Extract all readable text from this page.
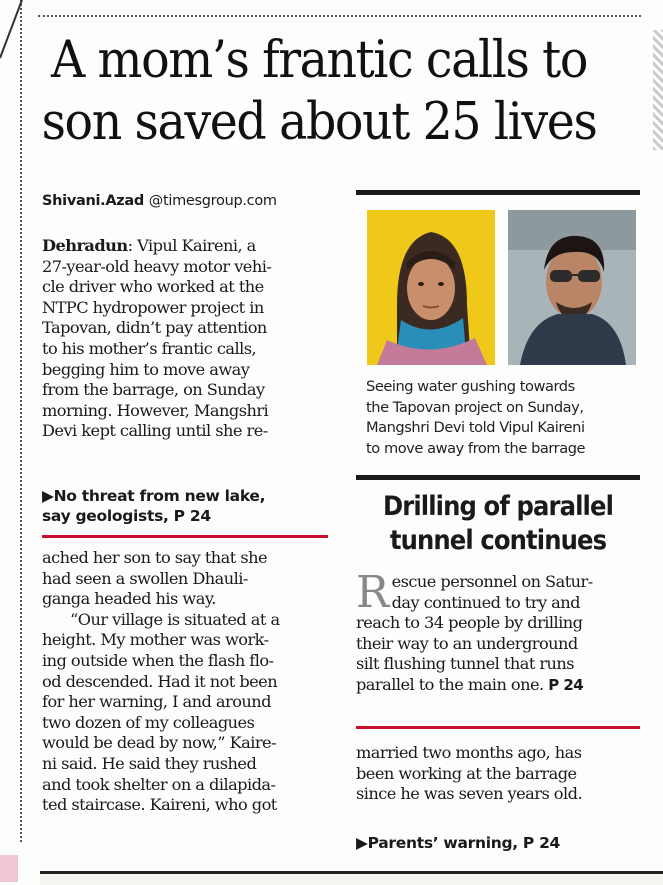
A mom’s frantic calls to
son saved about 25 lives
Shivani.Azad @timesgroup.com
Dehradun: Vipul Kaireni, a
27-year-old heavy motor vehi-
cle driver who worked at the
NTPC hydropower project in
Tapovan, didn’t pay attention
to his mother’s frantic calls,
begging him to move away
from the barrage, on Sunday
morning. However, Mangshri
Devi kept calling until she re-
▶No threat from new lake,
say geologists, P 24
ached her son to say that she
had seen a swollen Dhauli-
ganga headed his way.
“Our village is situated at a
height. My mother was work-
ing outside when the flash flo-
od descended. Had it not been
for her warning, I and around
two dozen of my colleagues
would be dead by now,” Kaire-
ni said. He said they rushed
and took shelter on a dilapida-
ted staircase. Kaireni, who got
Seeing water gushing towards
the Tapovan project on Sunday,
Mangshri Devi told Vipul Kaireni
to move away from the barrage
Drilling of parallel
tunnel continues
R escue personnel on Satur-
day continued to try and
reach to 34 people by drilling
their way to an underground
silt flushing tunnel that runs
parallel to the main one. P 24
married two months ago, has
been working at the barrage
since he was seven years old.
▶Parents’ warning, P 24
